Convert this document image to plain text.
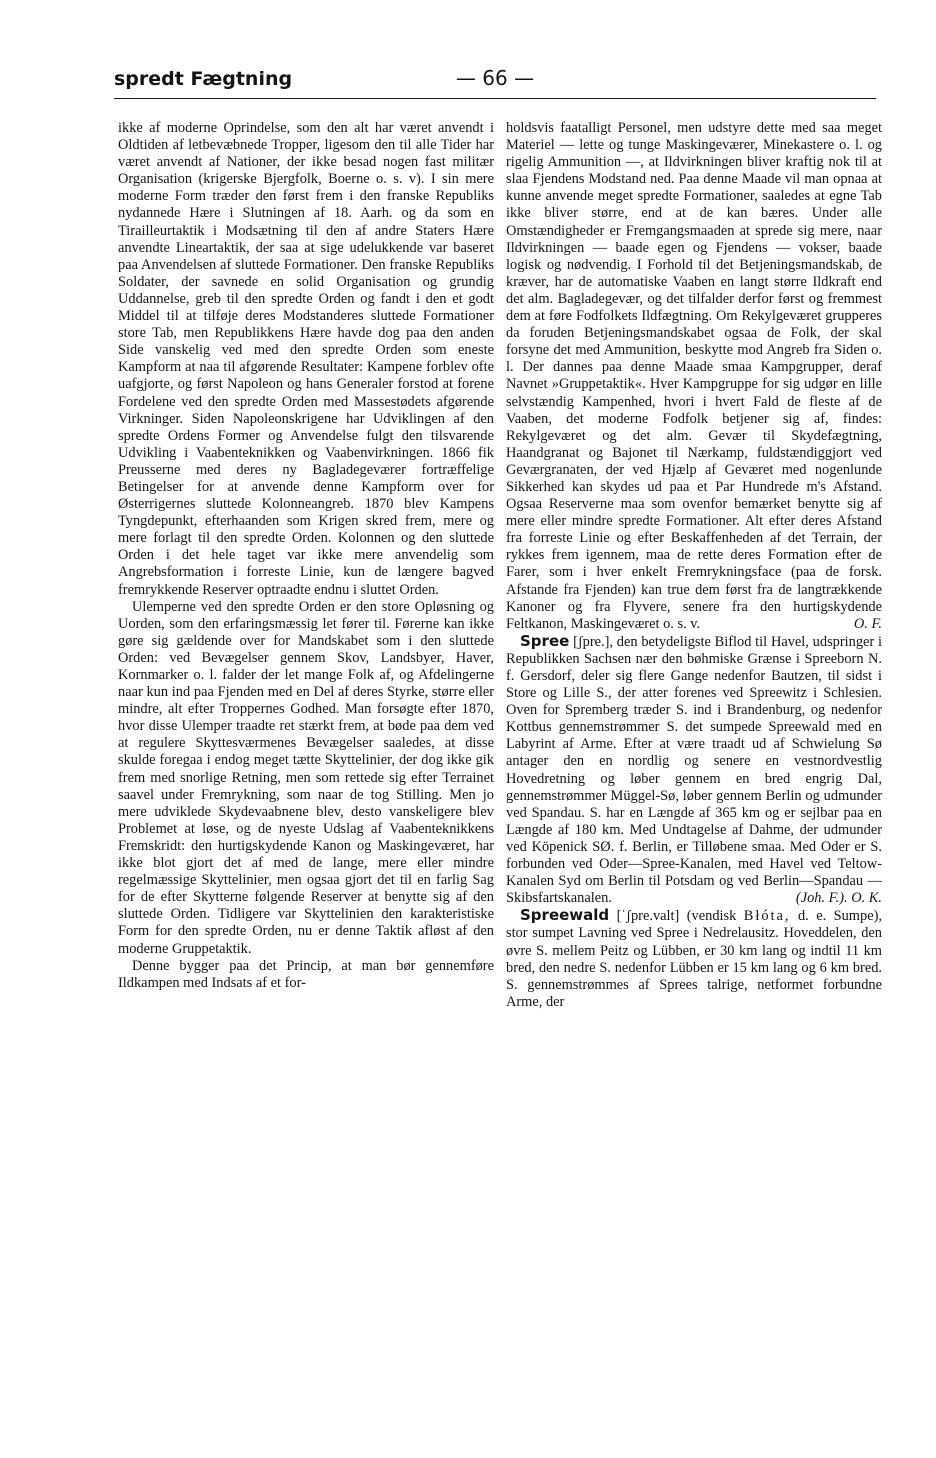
spredt Fægtning	— 66 —

ikke af moderne Oprindelse, som den alt har været anvendt i Oldtiden af letbevæbnede Tropper, ligesom den til alle Tider har været anvendt af Nationer, der ikke besad nogen fast militær Organisation (krigerske Bjergfolk, Boerne o. s. v). I sin mere moderne Form træder den først frem i den franske Republiks nydannede Hære i Slutningen af 18. Aarh. og da som en Tirailleurtaktik i Modsætning til den af andre Staters Hære anvendte Lineartaktik, der saa at sige udelukkende var baseret paa Anvendelsen af sluttede Formationer. Den franske Republiks Soldater, der savnede en solid Organisation og grundig Uddannelse, greb til den spredte Orden og fandt i den et godt Middel til at tilføje deres Modstanderes sluttede Formationer store Tab, men Republikkens Hære havde dog paa den anden Side vanskelig ved med den spredte Orden som eneste Kampform at naa til afgørende Resultater: Kampene forblev ofte uafgjorte, og først Napoleon og hans Generaler forstod at forene Fordelene ved den spredte Orden med Massestødets afgørende Virkninger. Siden Napoleonskrigene har Udviklingen af den spredte Ordens Former og Anvendelse fulgt den tilsvarende Udvikling i Vaabenteknikken og Vaabenvirkningen. 1866 fik Preusserne med deres ny Bagladegeværer fortræffelige Betingelser for at anvende denne Kampform over for Østerrigernes sluttede Kolonneangreb. 1870 blev Kampens Tyngdepunkt, efterhaanden som Krigen skred frem, mere og mere forlagt til den spredte Orden. Kolonnen og den sluttede Orden i det hele taget var ikke mere anvendelig som Angrebsformation i forreste Linie, kun de længere bagved fremrykkende Reserver optraadte endnu i sluttet Orden.

Ulemperne ved den spredte Orden er den store Opløsning og Uorden, som den erfaringsmæssig let fører til. Førerne kan ikke gøre sig gældende over for Mandskabet som i den sluttede Orden: ved Bevægelser gennem Skov, Landsbyer, Haver, Kornmarker o. l. falder der let mange Folk af, og Afdelingerne naar kun ind paa Fjenden med en Del af deres Styrke, større eller mindre, alt efter Troppernes Godhed. Man forsøgte efter 1870, hvor disse Ulemper traadte ret stærkt frem, at bøde paa dem ved at regulere Skyttesværmenes Bevægelser saaledes, at disse skulde foregaa i endog meget tætte Skyttelinier, der dog ikke gik frem med snorlige Retning, men som rettede sig efter Terrainet saavel under Fremrykning, som naar de tog Stilling. Men jo mere udviklede Skydevaabnene blev, desto vanskeligere blev Problemet at løse, og de nyeste Udslag af Vaabenteknikkens Fremskridt: den hurtigskydende Kanon og Maskingeværet, har ikke blot gjort det af med de lange, mere eller mindre regelmæssige Skyttelinier, men ogsaa gjort det til en farlig Sag for de efter Skytterne følgende Reserver at benytte sig af den sluttede Orden. Tidligere var Skyttelinien den karakteristiske Form for den spredte Orden, nu er denne Taktik afløst af den moderne Gruppetaktik.

Denne bygger paa det Princip, at man bør gennemføre Ildkampen med Indsats af et for-

holdsvis faatalligt Personel, men udstyre dette med saa meget Materiel — lette og tunge Maskingeværer, Minekastere o. l. og rigelig Ammunition —, at Ildvirkningen bliver kraftig nok til at slaa Fjendens Modstand ned. Paa denne Maade vil man opnaa at kunne anvende meget spredte Formationer, saaledes at egne Tab ikke bliver større, end at de kan bæres. Under alle Omstændigheder er Fremgangsmaaden at sprede sig mere, naar Ildvirkningen — baade egen og Fjendens — vokser, baade logisk og nødvendig. I Forhold til det Betjeningsmandskab, de kræver, har de automatiske Vaaben en langt større Ildkraft end det alm. Bagladegevær, og det tilfalder derfor først og fremmest dem at føre Fodfolkets Ildfægtning. Om Rekylgeværet grupperes da foruden Betjeningsmandskabet ogsaa de Folk, der skal forsyne det med Ammunition, beskytte mod Angreb fra Siden o. l. Der dannes paa denne Maade smaa Kampgrupper, deraf Navnet »Gruppetaktik«. Hver Kampgruppe for sig udgør en lille selvstændig Kampenhed, hvori i hvert Fald de fleste af de Vaaben, det moderne Fodfolk betjener sig af, findes: Rekylgeværet og det alm. Gevær til Skydefægtning, Haandgranat og Bajonet til Nærkamp, fuldstændiggjort ved Geværgranaten, der ved Hjælp af Geværet med nogenlunde Sikkerhed kan skydes ud paa et Par Hundrede m's Afstand. Ogsaa Reserverne maa som ovenfor bemærket benytte sig af mere eller mindre spredte Formationer. Alt efter deres Afstand fra forreste Linie og efter Beskaffenheden af det Terrain, der rykkes frem igennem, maa de rette deres Formation efter de Farer, som i hver enkelt Fremrykningsface (paa de forsk. Afstande fra Fjenden) kan true dem først fra de langtrækkende Kanoner og fra Flyvere, senere fra den hurtigskydende Feltkanon, Maskingeværet o. s. v.	O. F.

Spree [ʃpre.], den betydeligste Biflod til Havel, udspringer i Republikken Sachsen nær den bøhmiske Grænse i Spreeborn N. f. Gersdorf, deler sig flere Gange nedenfor Bautzen, til sidst i Store og Lille S., der atter forenes ved Spreewitz i Schlesien. Oven for Spremberg træder S. ind i Brandenburg, og nedenfor Kottbus gennemstrømmer S. det sumpede Spreewald med en Labyrint af Arme. Efter at være traadt ud af Schwielung Sø antager den en nordlig og senere en vestnordvestlig Hovedretning og løber gennem en bred engrig Dal, gennemstrømmer Müggel-Sø, løber gennem Berlin og udmunder ved Spandau. S. har en Længde af 365 km og er sejlbar paa en Længde af 180 km. Med Undtagelse af Dahme, der udmunder ved Köpenick SØ. f. Berlin, er Tilløbene smaa. Med Oder er S. forbunden ved Oder—Spree-Kanalen, med Havel ved Teltow-Kanalen Syd om Berlin til Potsdam og ved Berlin—Spandau —Skibsfartskanalen.	(Joh. F.). O. K.

Spreewald [ˈʃpre.valt] (vendisk Błóta, d. e. Sumpe), stor sumpet Lavning ved Spree i Nedrelausitz. Hoveddelen, den øvre S. mellem Peitz og Lübben, er 30 km lang og indtil 11 km bred, den nedre S. nedenfor Lübben er 15 km lang og 6 km bred. S. gennemstrømmes af Sprees talrige, netformet forbundne Arme, der
